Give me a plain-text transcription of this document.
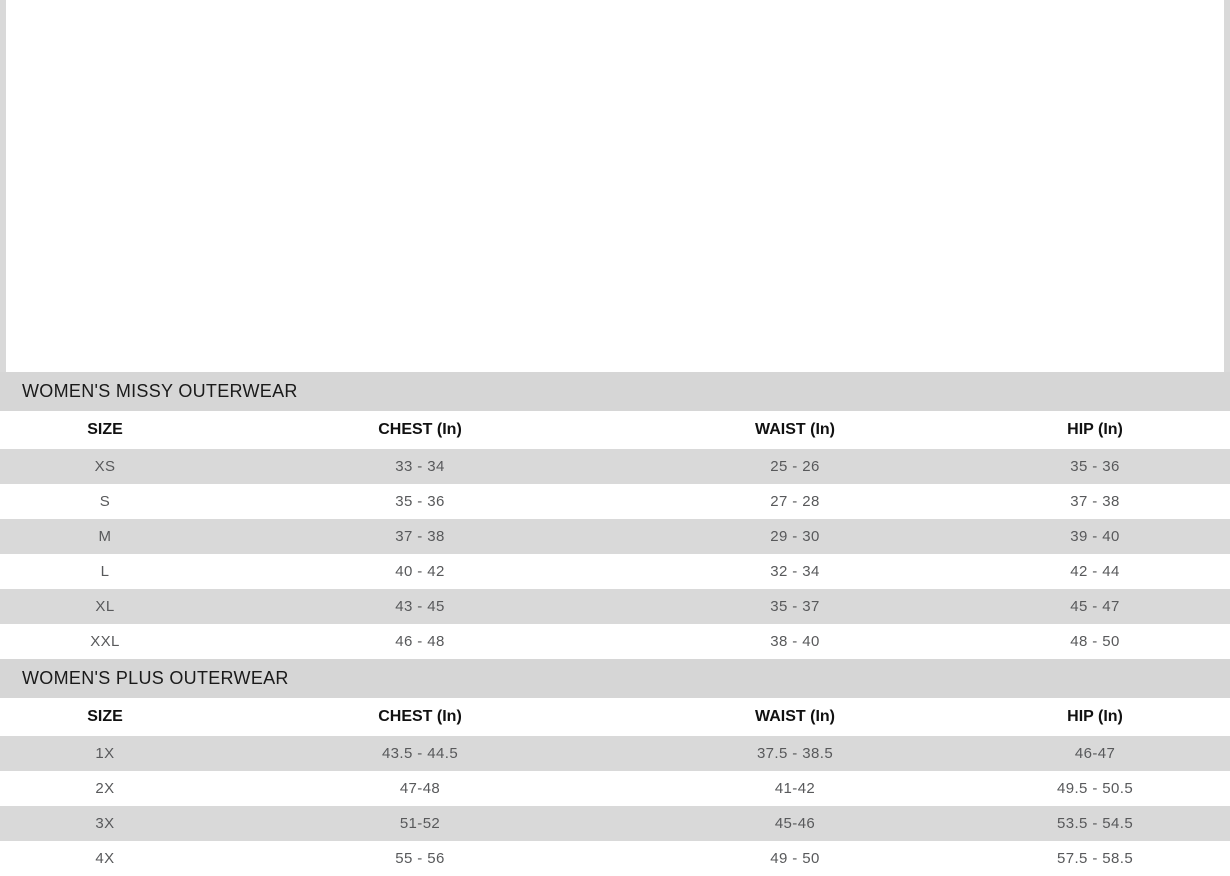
WOMEN'S MISSY OUTERWEAR			
SIZE	CHEST (In)	WAIST (In)	HIP (In)
XS	33 - 34	25 - 26	35 - 36
S	35 - 36	27 - 28	37 - 38
M	37 - 38	29 - 30	39 - 40
L	40 - 42	32 - 34	42 - 44
XL	43 - 45	35 - 37	45 - 47
XXL	46 - 48	38 - 40	48 - 50
WOMEN'S PLUS OUTERWEAR			
SIZE	CHEST (In)	WAIST (In)	HIP (In)
1X	43.5 - 44.5	37.5 - 38.5	46-47
2X	47-48	41-42	49.5 - 50.5
3X	51-52	45-46	53.5 - 54.5
4X	55 - 56	49 - 50	57.5 - 58.5
